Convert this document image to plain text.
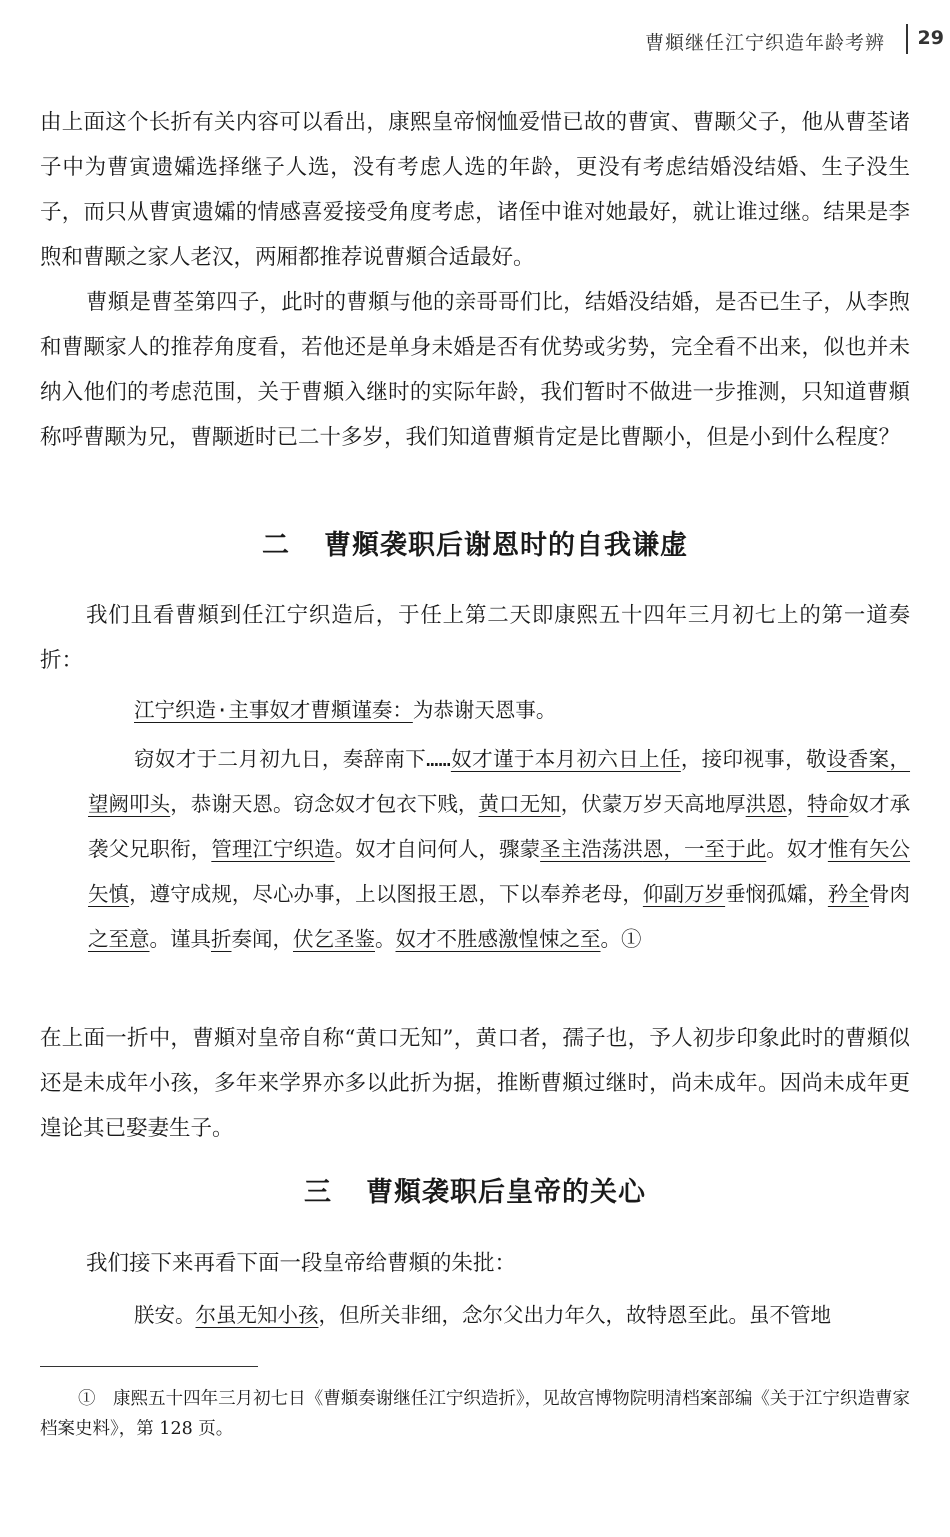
曹頫继任江宁织造年龄考辨 29

由上面这个长折有关内容可以看出，康熙皇帝悯恤爱惜已故的曹寅、曹颙父子，他从曹荃诸子中为曹寅遗孀选择继子人选，没有考虑人选的年龄，更没有考虑结婚没结婚、生子没生子，而只从曹寅遗孀的情感喜爱接受角度考虑，诸侄中谁对她最好，就让谁过继。结果是李煦和曹颙之家人老汉，两厢都推荐说曹頫合适最好。

曹頫是曹荃第四子，此时的曹頫与他的亲哥哥们比，结婚没结婚，是否已生子，从李煦和曹颙家人的推荐角度看，若他还是单身未婚是否有优势或劣势，完全看不出来，似也并未纳入他们的考虑范围，关于曹頫入继时的实际年龄，我们暂时不做进一步推测，只知道曹頫称呼曹颙为兄，曹颙逝时已二十多岁，我们知道曹頫肯定是比曹颙小，但是小到什么程度？

二 曹頫袭职后谢恩时的自我谦虚

我们且看曹頫到任江宁织造后，于任上第二天即康熙五十四年三月初七上的第一道奏折：

江宁织造·主事奴才曹頫谨奏：为恭谢天恩事。

窃奴才于二月初九日，奏辞南下……奴才谨于本月初六日上任，接印视事，敬设香案，望阙叩头，恭谢天恩。窃念奴才包衣下贱，黄口无知，伏蒙万岁天高地厚洪恩，特命奴才承袭父兄职衔，管理江宁织造。奴才自问何人，骤蒙圣主浩荡洪恩，一至于此。奴才惟有矢公矢慎，遵守成规，尽心办事，上以图报王恩，下以奉养老母，仰副万岁垂悯孤孀，矜全骨肉之至意。谨具折奏闻，伏乞圣鉴。奴才不胜感激惶悚之至。①

在上面一折中，曹頫对皇帝自称“黄口无知”，黄口者，孺子也，予人初步印象此时的曹頫似还是未成年小孩，多年来学界亦多以此折为据，推断曹頫过继时，尚未成年。因尚未成年更遑论其已娶妻生子。

三 曹頫袭职后皇帝的关心

我们接下来再看下面一段皇帝给曹頫的朱批：

朕安。尔虽无知小孩，但所关非细，念尔父出力年久，故特恩至此。虽不管地

①　康熙五十四年三月初七日《曹頫奏谢继任江宁织造折》，见故宫博物院明清档案部编《关于江宁织造曹家档案史料》，第 128 页。
